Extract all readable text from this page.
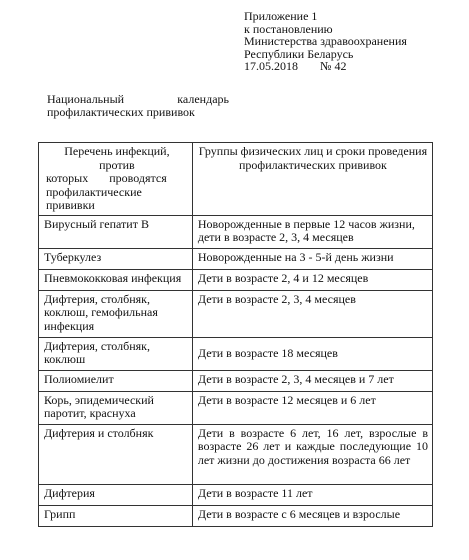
Приложение 1
к постановлению
Министерства здравоохранения
Республики Беларусь
17.05.2018 № 42
Национальный	календарь
профилактических прививок
Перечень инфекций, против
которых       проводятся
профилактические прививки	Группы физических лиц и сроки проведения профилактических прививок
Вирусный гепатит В	Новорожденные в первые 12 часов жизни, дети в возрасте 2, 3, 4 месяцев
Туберкулез	Новорожденные на 3 - 5-й день жизни
Пневмококковая инфекция	Дети в возрасте 2, 4 и 12 месяцев
Дифтерия, столбняк, коклюш, гемофильная инфекция	Дети в возрасте 2, 3, 4 месяцев
Дифтерия, столбняк, коклюш	Дети в возрасте 18 месяцев
Полиомиелит	Дети в возрасте 2, 3, 4 месяцев и 7 лет
Корь, эпидемический паротит, краснуха	Дети в возрасте 12 месяцев и 6 лет
Дифтерия и столбняк	Дети в возрасте 6 лет, 16 лет, взрослые в возрасте 26 лет и каждые последующие 10 лет жизни до достижения возраста 66 лет
Дифтерия	Дети в возрасте 11 лет
Грипп	Дети в возрасте с 6 месяцев и взрослые
